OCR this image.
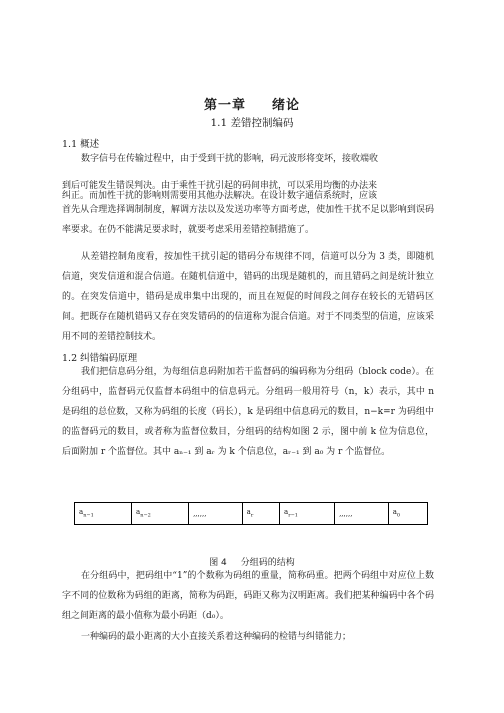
第一章 绪论
1.1 差错控制编码
1.1 概述
数字信号在传输过程中，由于受到干扰的影响，码元波形将变坏，接收端收
到后可能发生错误判决。由于乘性干扰引起的码间串扰，可以采用均衡的办法来
纠正。而加性干扰的影响则需要用其他办法解决。在设计数字通信系统时，应该
首先从合理选择调制制度，解调方法以及发送功率等方面考虑，使加性干扰不足以影响到误码率要求。在仍不能满足要求时，就要考虑采用差错控制措施了。
从差错控制角度看，按加性干扰引起的错码分布规律不同，信道可以分为 3 类，即随机信道，突发信道和混合信道。在随机信道中，错码的出现是随机的，而且错码之间是统计独立的。在突发信道中，错码是成串集中出现的，而且在短促的时间段之间存在较长的无错码区间。把既存在随机错码又存在突发错码的的信道称为混合信道。对于不同类型的信道，应该采用不同的差错控制技术。
1.2 纠错编码原理
我们把信息码分组，为每组信息码附加若干监督码的编码称为分组码（block code）。在分组码中，监督码元仅监督本码组中的信息码元。分组码一般用符号（n，k）表示，其中 n 是码组的总位数，又称为码组的长度（码长），k 是码组中信息码元的数目，n−k=r 为码组中的监督码元的数目，或者称为监督位数目，分组码的结构如图 2 示，图中前 k 位为信息位，后面附加 r 个监督位。其中 aₙ₋₁ 到 aᵣ 为 k 个信息位，aᵣ₋₁ 到 a₀ 为 r 个监督位。
$a_{n-1}$	$a_{n-2}$	,,,,,,	$a_r$	$a_{r-1}$	,,,,,,	$a_0$
图 4 分组码的结构
在分组码中，把码组中“1”的个数称为码组的重量，简称码重。把两个码组中对应位上数字不同的位数称为码组的距离，简称为码距，码距又称为汉明距离。我们把某种编码中各个码组之间距离的最小值称为最小码距（d₀）。
一种编码的最小距离的大小直接关系着这种编码的检错与纠错能力；
